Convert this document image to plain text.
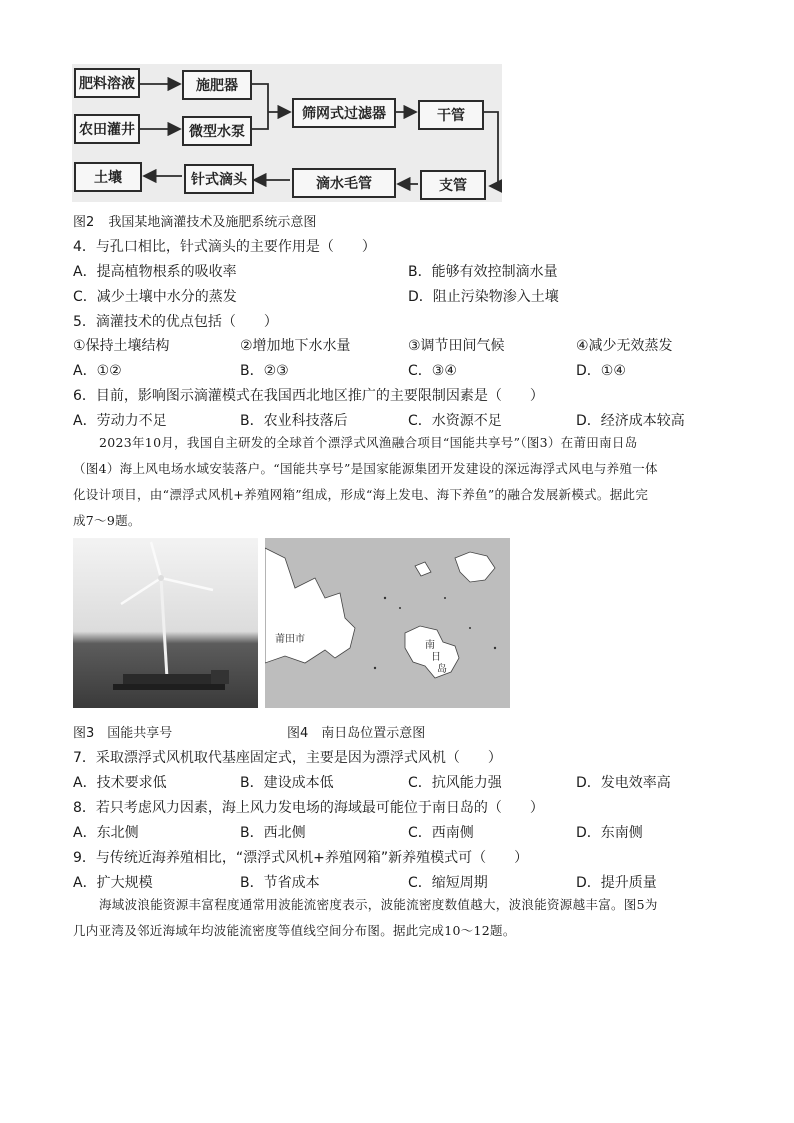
肥料溶液	施肥器
农田灌井	微型水泵
筛网式过滤器	干管
土壤	针式滴头	滴水毛管	支管
图2 我国某地滴灌技术及施肥系统示意图
4．与孔口相比，针式滴头的主要作用是（　　）
A．提高植物根系的吸收率	B．能够有效控制滴水量
C．减少土壤中水分的蒸发	D．阻止污染物渗入土壤
5．滴灌技术的优点包括（　　）
①保持土壤结构	②增加地下水水量	③调节田间气候	④减少无效蒸发
A．①②	B．②③	C．③④	D．①④
6．目前，影响图示滴灌模式在我国西北地区推广的主要限制因素是（　　）
A．劳动力不足	B．农业科技落后	C．水资源不足	D．经济成本较高
2023年10月，我国自主研发的全球首个漂浮式风渔融合项目“国能共享号”（图3）在莆田南日岛
（图4）海上风电场水域安装落户。“国能共享号”是国家能源集团开发建设的深远海浮式风电与养殖一体
化设计项目，由“漂浮式风机+养殖网箱”组成，形成“海上发电、海下养鱼”的融合发展新模式。据此完
成7～9题。
莆田市
南
日
岛
图3　国能共享号	图4　南日岛位置示意图
7．采取漂浮式风机取代基座固定式，主要是因为漂浮式风机（　　）
A．技术要求低	B．建设成本低	C．抗风能力强	D．发电效率高
8．若只考虑风力因素，海上风力发电场的海域最可能位于南日岛的（　　）
A．东北侧	B．西北侧	C．西南侧	D．东南侧
9．与传统近海养殖相比，“漂浮式风机+养殖网箱”新养殖模式可（　　）
A．扩大规模	B．节省成本	C．缩短周期	D．提升质量
海域波浪能资源丰富程度通常用波能流密度表示，波能流密度数值越大，波浪能资源越丰富。图5为
几内亚湾及邻近海域年均波能流密度等值线空间分布图。据此完成10～12题。
